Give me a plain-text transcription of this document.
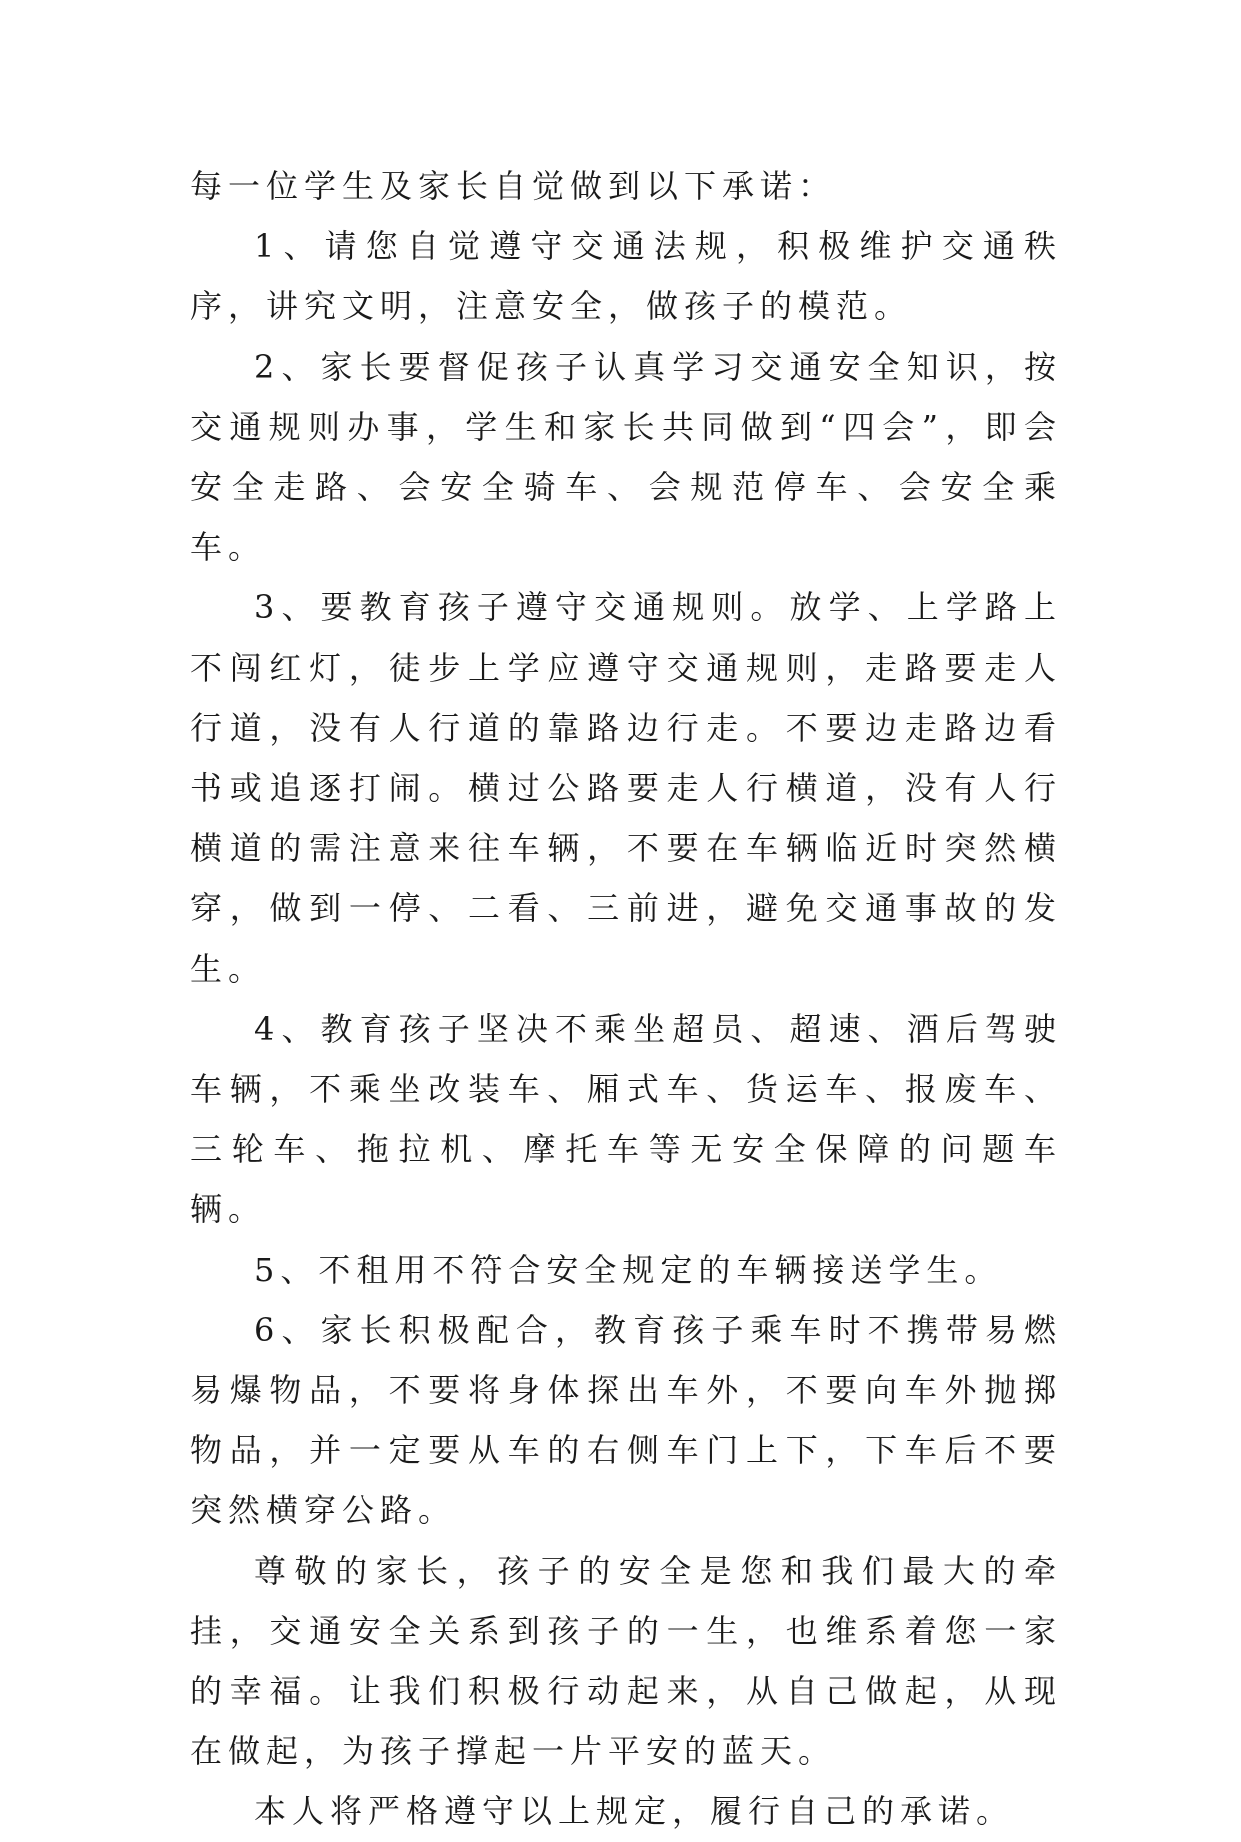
每一位学生及家长自觉做到以下承诺：

1、请您自觉遵守交通法规，积极维护交通秩序，讲究文明，注意安全，做孩子的模范。

2、家长要督促孩子认真学习交通安全知识，按交通规则办事，学生和家长共同做到“四会”，即会安全走路、会安全骑车、会规范停车、会安全乘车。

3、要教育孩子遵守交通规则。放学、上学路上不闯红灯，徒步上学应遵守交通规则，走路要走人行道，没有人行道的靠路边行走。不要边走路边看书或追逐打闹。横过公路要走人行横道，没有人行横道的需注意来往车辆，不要在车辆临近时突然横穿，做到一停、二看、三前进，避免交通事故的发生。

4、教育孩子坚决不乘坐超员、超速、酒后驾驶车辆，不乘坐改装车、厢式车、货运车、报废车、三轮车、拖拉机、摩托车等无安全保障的问题车辆。

5、不租用不符合安全规定的车辆接送学生。

6、家长积极配合，教育孩子乘车时不携带易燃易爆物品，不要将身体探出车外，不要向车外抛掷物品，并一定要从车的右侧车门上下，下车后不要突然横穿公路。

尊敬的家长，孩子的安全是您和我们最大的牵挂，交通安全关系到孩子的一生，也维系着您一家的幸福。让我们积极行动起来，从自己做起，从现在做起，为孩子撑起一片平安的蓝天。

本人将严格遵守以上规定，履行自己的承诺。
